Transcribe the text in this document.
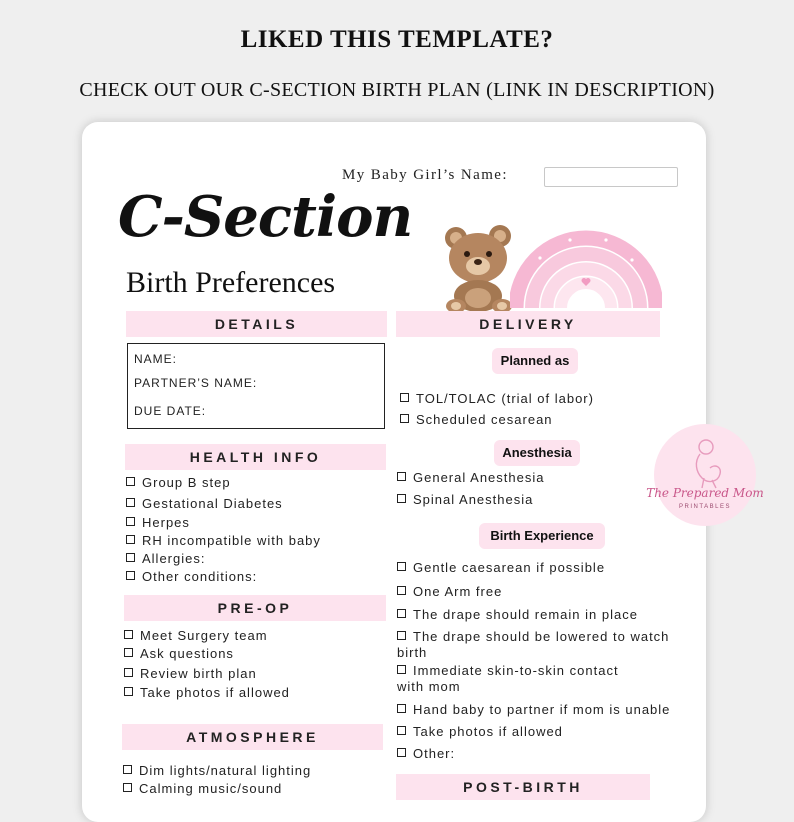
LIKED THIS TEMPLATE?
CHECK OUT OUR C-SECTION BIRTH PLAN (LINK IN DESCRIPTION)
My Baby Girl’s Name:
C-Section
Birth Preferences
DETAILS
NAME:
PARTNER’S NAME:
DUE DATE:
HEALTH INFO
Group B step
Gestational Diabetes
Herpes
RH incompatible with baby
Allergies:
Other conditions:
PRE-OP
Meet Surgery team
Ask questions
Review birth plan
Take photos if allowed
ATMOSPHERE
Dim lights/natural lighting
Calming music/sound
DELIVERY
Planned as
TOL/TOLAC (trial of labor)
Scheduled cesarean
Anesthesia
General Anesthesia
Spinal Anesthesia
Birth Experience
Gentle caesarean if possible
One Arm free
The drape should remain in place
The drape should be lowered to watch birth
Immediate skin-to-skin contact with mom
Hand baby to partner if mom is unable
Take photos if allowed
Other:
POST-BIRTH
The Prepared Mom
PRINTABLES
